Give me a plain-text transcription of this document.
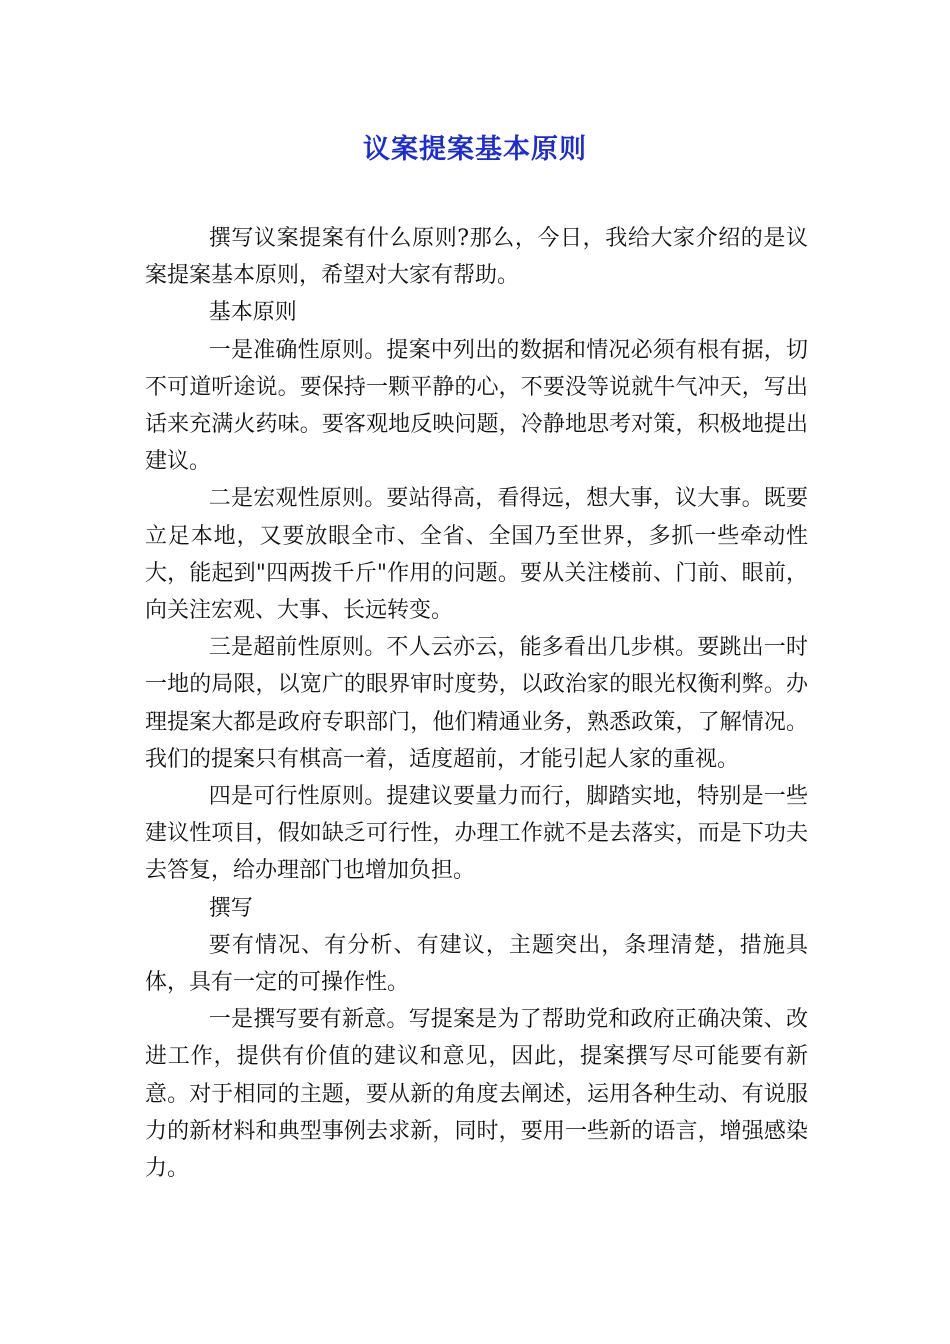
议案提案基本原则

撰写议案提案有什么原则?那么，今日，我给大家介绍的是议案提案基本原则，希望对大家有帮助。

基本原则

一是准确性原则。提案中列出的数据和情况必须有根有据，切不可道听途说。要保持一颗平静的心，不要没等说就牛气冲天，写出话来充满火药味。要客观地反映问题，冷静地思考对策，积极地提出建议。

二是宏观性原则。要站得高，看得远，想大事，议大事。既要立足本地，又要放眼全市、全省、全国乃至世界，多抓一些牵动性大，能起到"四两拨千斤"作用的问题。要从关注楼前、门前、眼前，向关注宏观、大事、长远转变。

三是超前性原则。不人云亦云，能多看出几步棋。要跳出一时一地的局限，以宽广的眼界审时度势，以政治家的眼光权衡利弊。办理提案大都是政府专职部门，他们精通业务，熟悉政策，了解情况。我们的提案只有棋高一着，适度超前，才能引起人家的重视。

四是可行性原则。提建议要量力而行，脚踏实地，特别是一些建议性项目，假如缺乏可行性，办理工作就不是去落实，而是下功夫去答复，给办理部门也增加负担。

撰写

要有情况、有分析、有建议，主题突出，条理清楚，措施具体，具有一定的可操作性。

一是撰写要有新意。写提案是为了帮助党和政府正确决策、改进工作，提供有价值的建议和意见，因此，提案撰写尽可能要有新意。对于相同的主题，要从新的角度去阐述，运用各种生动、有说服力的新材料和典型事例去求新，同时，要用一些新的语言，增强感染力。
